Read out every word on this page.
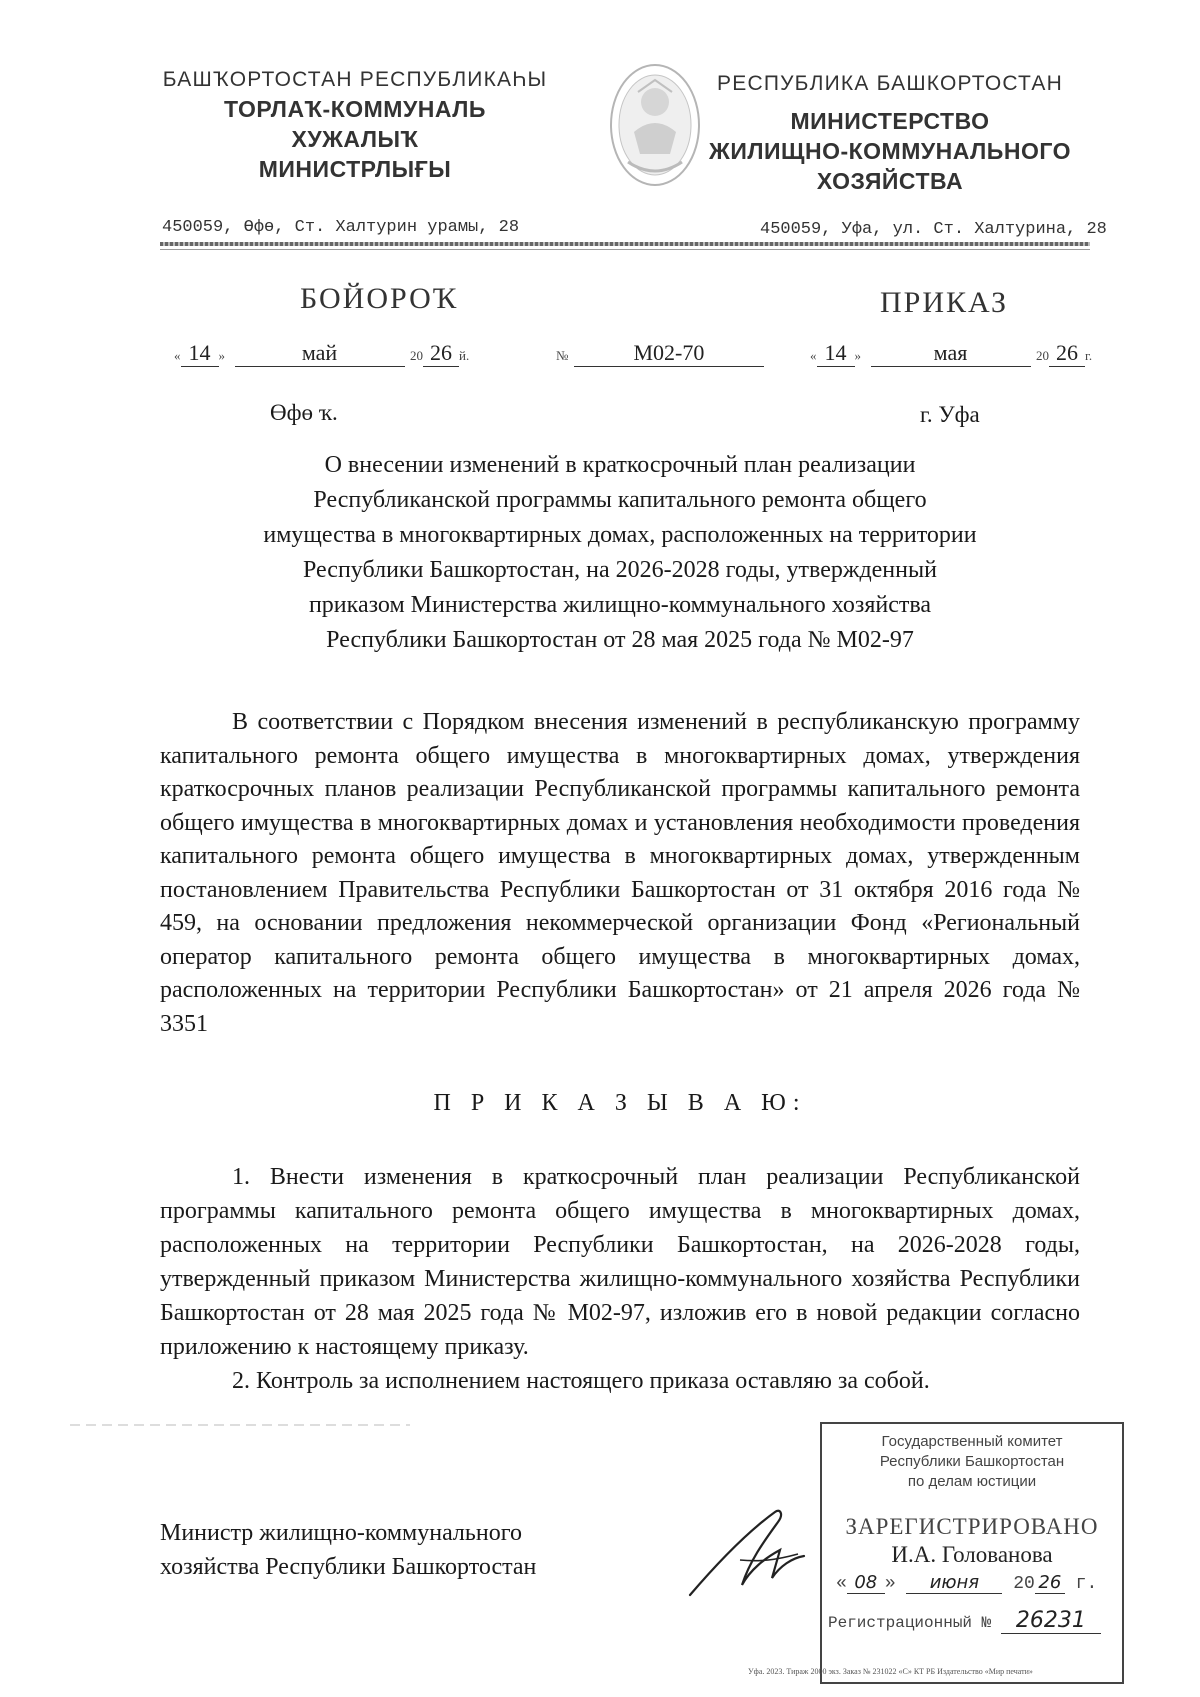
БАШҠОРТОСТАН РЕСПУБЛИКАҺЫ
ТОРЛАҠ-КОММУНАЛЬ
ХУЖАЛЫҠ
МИНИСТРЛЫҒЫ
450059, Өфө, Ст. Халтурин урамы, 28
РЕСПУБЛИКА БАШКОРТОСТАН
МИНИСТЕРСТВО
ЖИЛИЩНО-КОММУНАЛЬНОГО
ХОЗЯЙСТВА
450059, Уфа, ул. Ст. Халтурина, 28
БОЙОРОҠ	ПРИКАЗ
« 14 »	май	20 26 й.	№	М02-70	« 14 »	мая	20 26 г.
Өфө ҡ.	г. Уфа
О внесении изменений в краткосрочный план реализации
Республиканской программы капитального ремонта общего
имущества в многоквартирных домах, расположенных на территории
Республики Башкортостан, на 2026-2028 годы, утвержденный
приказом Министерства жилищно-коммунального хозяйства
Республики Башкортостан от 28 мая 2025 года № М02-97

В соответствии с Порядком внесения изменений в республиканскую программу капитального ремонта общего имущества в многоквартирных домах, утверждения краткосрочных планов реализации Республиканской программы капитального ремонта общего имущества в многоквартирных домах и установления необходимости проведения капитального ремонта общего имущества в многоквартирных домах, утвержденным постановлением Правительства Республики Башкортостан от 31 октября 2016 года № 459, на основании предложения некоммерческой организации Фонд «Региональный оператор капитального ремонта общего имущества в многоквартирных домах, расположенных на территории Республики Башкортостан» от 21 апреля 2026 года № 3351

П Р И К А З Ы В А Ю:

1. Внести изменения в краткосрочный план реализации Республиканской программы капитального ремонта общего имущества в многоквартирных домах, расположенных на территории Республики Башкортостан, на 2026-2028 годы, утвержденный приказом Министерства жилищно-коммунального хозяйства Республики Башкортостан от 28 мая 2025 года № М02-97, изложив его в новой редакции согласно приложению к настоящему приказу.

2. Контроль за исполнением настоящего приказа оставляю за собой.

Министр жилищно-коммунального
хозяйства Республики Башкортостан
Государственный комитет
Республики Башкортостан
по делам юстиции
ЗАРЕГИСТРИРОВАНО
И.А. Голованова
« 08 » июня 20 26 г.
Регистрационный № 26231
Уфа. 2023. Тираж 2000 экз. Заказ № 231022 «С» КТ РБ Издательство «Мир печати»
